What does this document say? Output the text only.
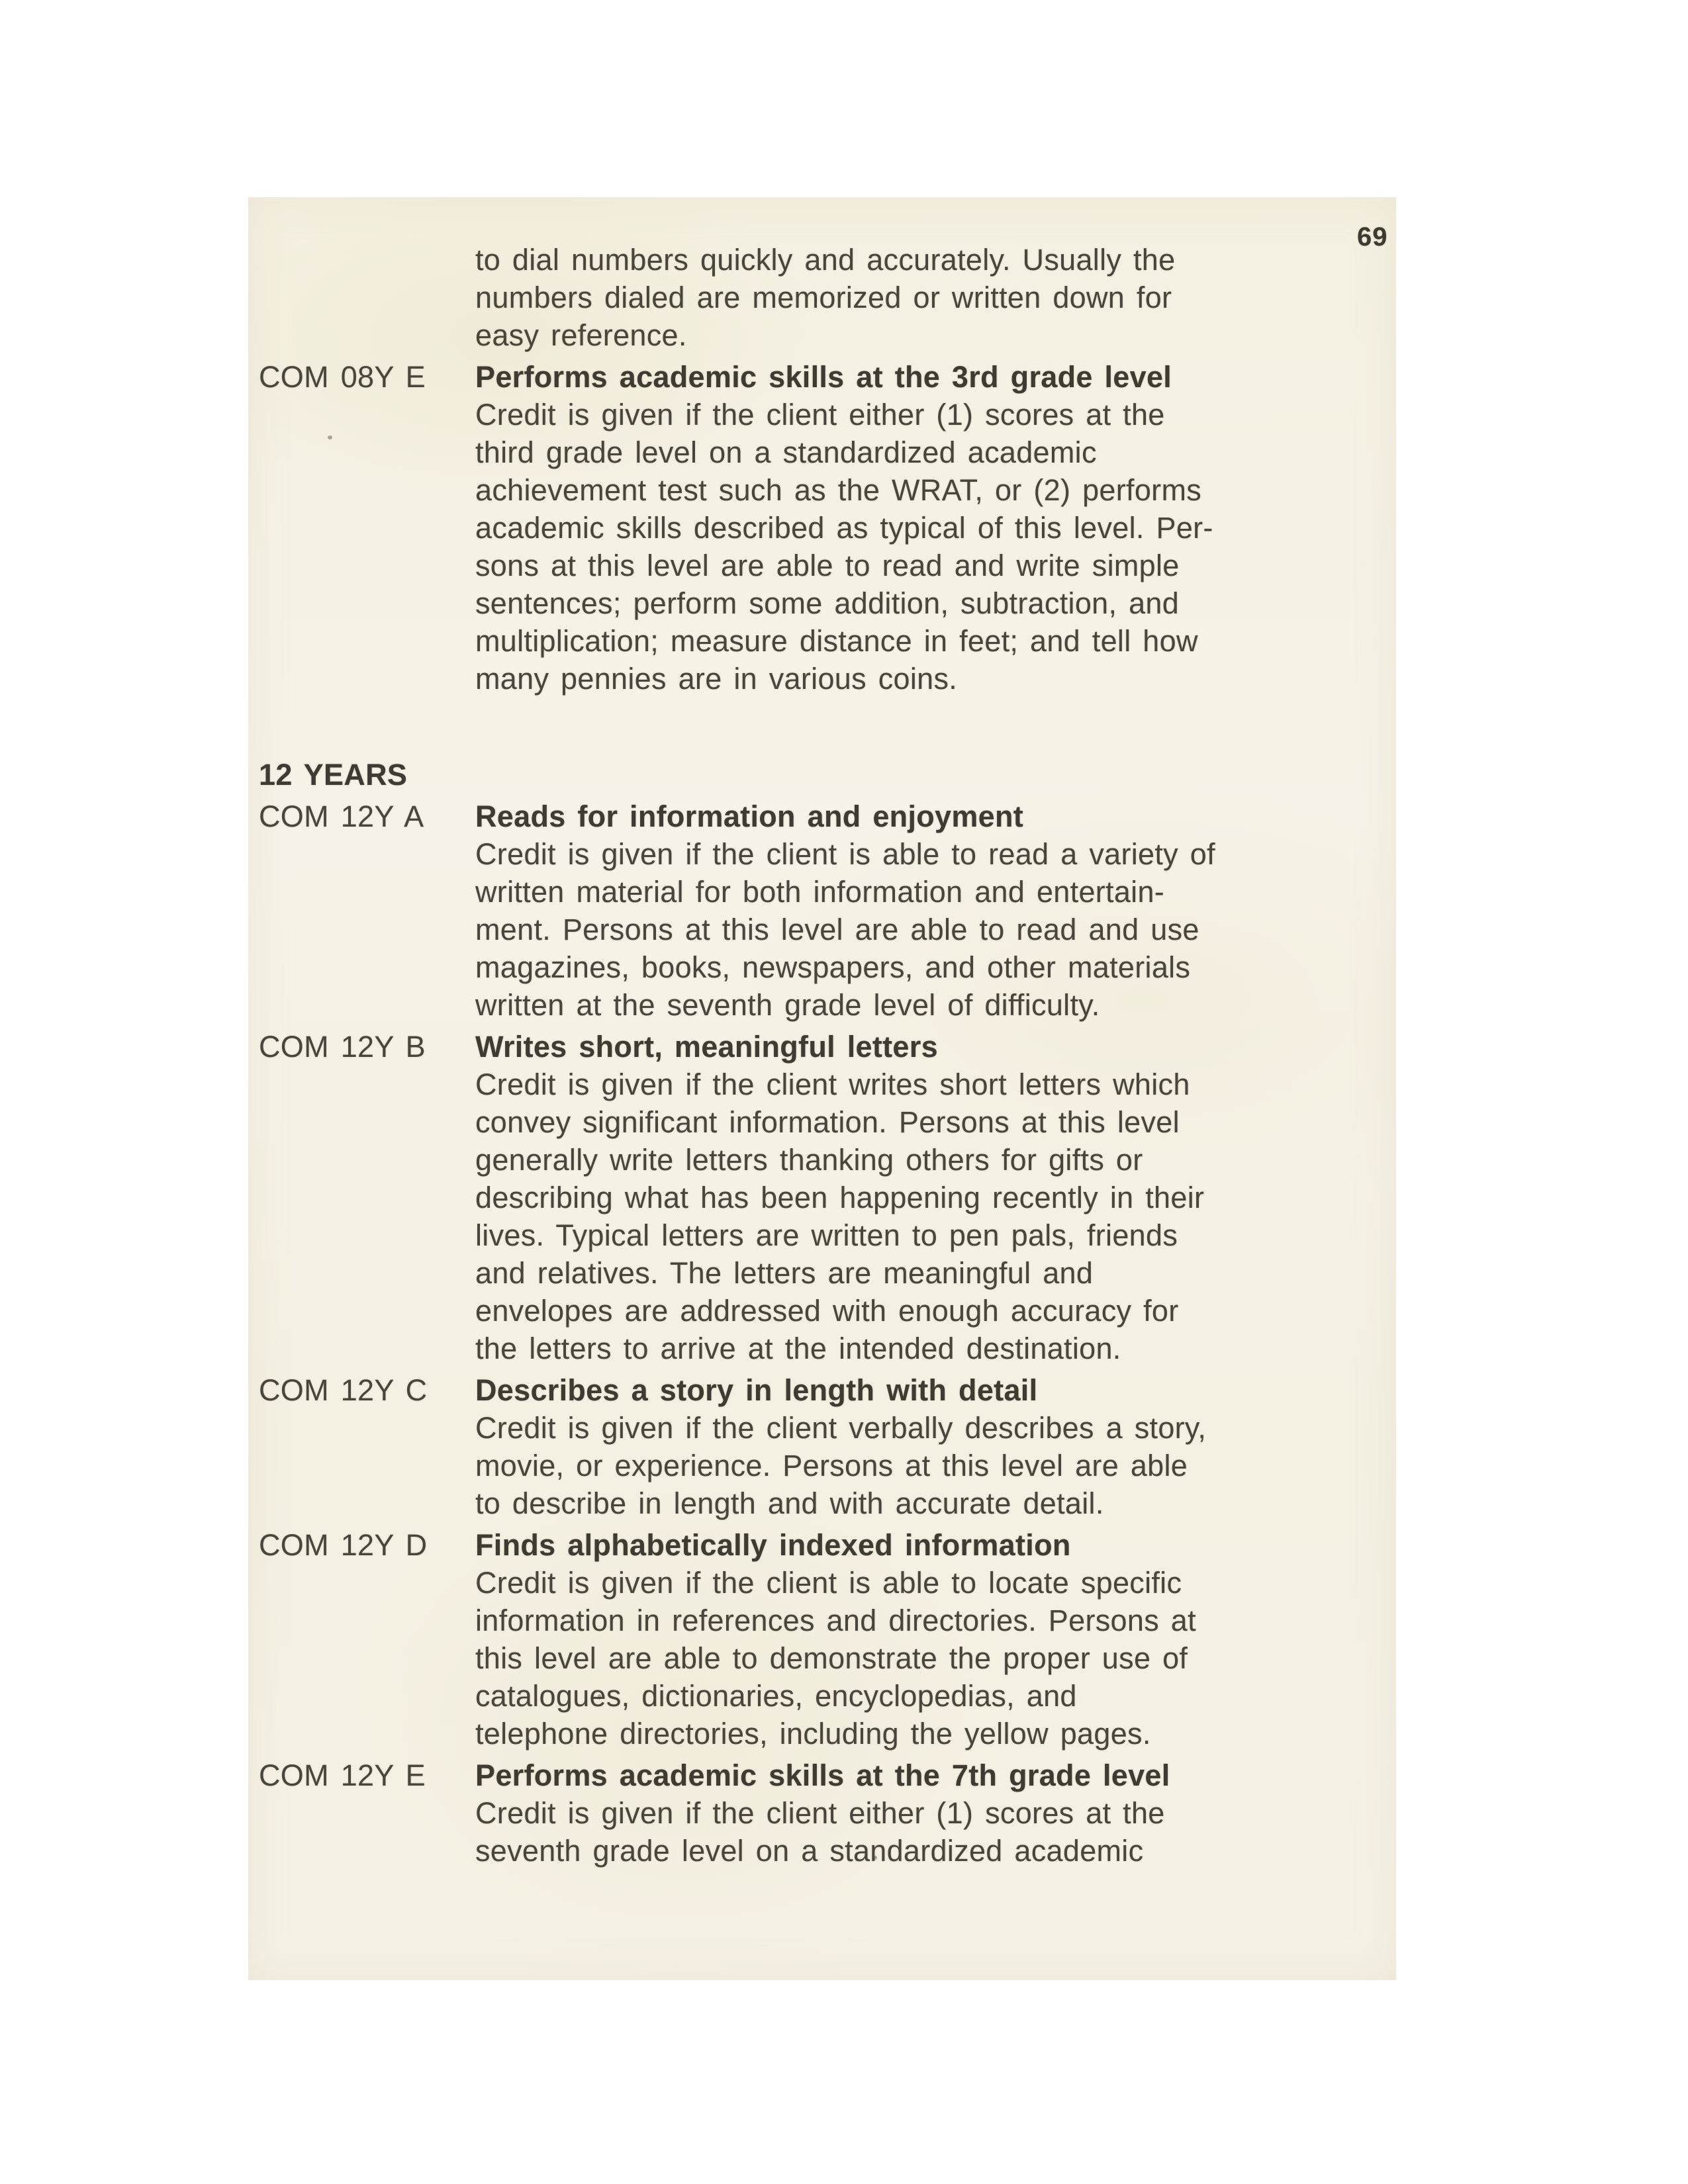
69
to dial numbers quickly and accurately. Usually the
numbers dialed are memorized or written down for
easy reference.
COM 08Y E	Performs academic skills at the 3rd grade level
Credit is given if the client either (1) scores at the
third grade level on a standardized academic
achievement test such as the WRAT, or (2) performs
academic skills described as typical of this level. Per-
sons at this level are able to read and write simple
sentences; perform some addition, subtraction, and
multiplication; measure distance in feet; and tell how
many pennies are in various coins.
12 YEARS
COM 12Y A	Reads for information and enjoyment
Credit is given if the client is able to read a variety of
written material for both information and entertain-
ment. Persons at this level are able to read and use
magazines, books, newspapers, and other materials
written at the seventh grade level of difficulty.
COM 12Y B	Writes short, meaningful letters
Credit is given if the client writes short letters which
convey significant information. Persons at this level
generally write letters thanking others for gifts or
describing what has been happening recently in their
lives. Typical letters are written to pen pals, friends
and relatives. The letters are meaningful and
envelopes are addressed with enough accuracy for
the letters to arrive at the intended destination.
COM 12Y C	Describes a story in length with detail
Credit is given if the client verbally describes a story,
movie, or experience. Persons at this level are able
to describe in length and with accurate detail.
COM 12Y D	Finds alphabetically indexed information
Credit is given if the client is able to locate specific
information in references and directories. Persons at
this level are able to demonstrate the proper use of
catalogues, dictionaries, encyclopedias, and
telephone directories, including the yellow pages.
COM 12Y E	Performs academic skills at the 7th grade level
Credit is given if the client either (1) scores at the
seventh grade level on a standardized academic
